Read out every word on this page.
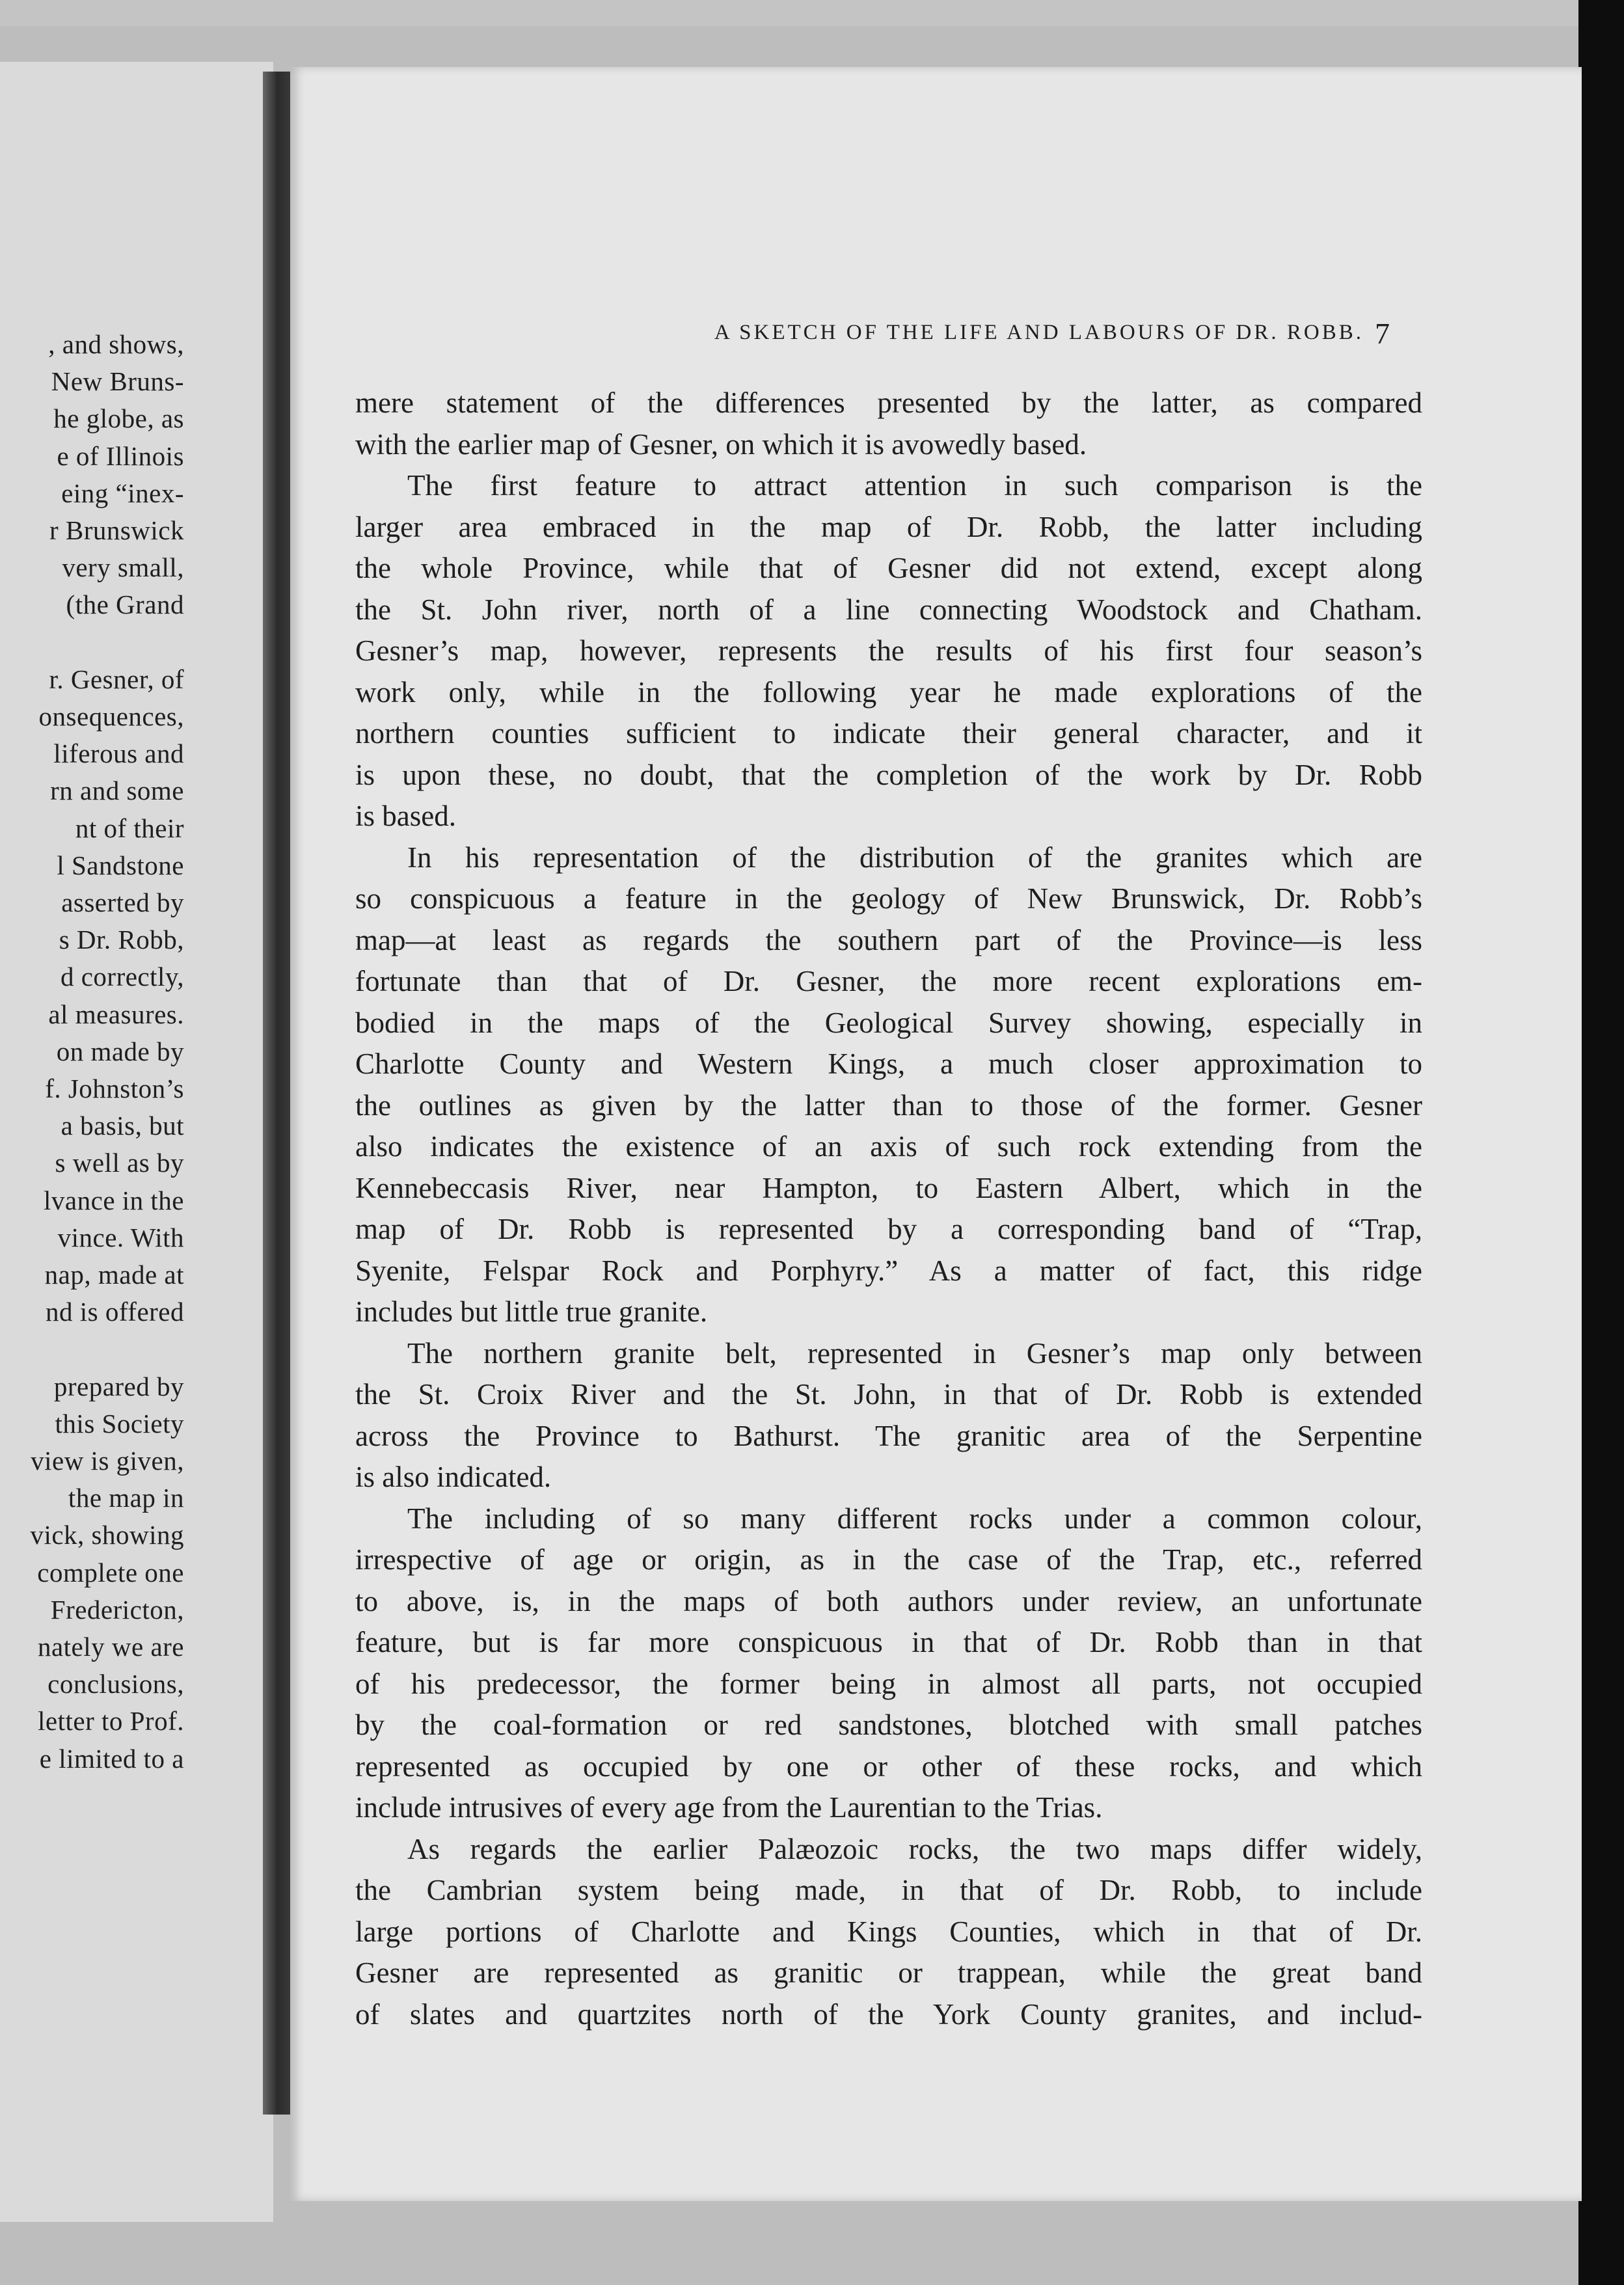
, and shows,
New Bruns-
he globe, as
e of Illinois
eing “inex-
r Brunswick
very small,
(the Grand
r. Gesner, of
onsequences,
liferous and
rn and some
nt of their
l Sandstone
asserted by
s Dr. Robb,
d correctly,
al measures.
on made by
f. Johnston’s
a basis, but
s well as by
lvance in the
vince. With
nap, made at
nd is offered
prepared by
this Society
view is given,
the map in
vick, showing
complete one
Fredericton,
nately we are
conclusions,
letter to Prof.
e limited to a
A SKETCH OF THE LIFE AND LABOURS OF DR. ROBB. 7
mere statement of the differences presented by the latter, as compared
with the earlier map of Gesner, on which it is avowedly based.
The first feature to attract attention in such comparison is the
larger area embraced in the map of Dr. Robb, the latter including
the whole Province, while that of Gesner did not extend, except along
the St. John river, north of a line connecting Woodstock and Chatham.
Gesner’s map, however, represents the results of his first four season’s
work only, while in the following year he made explorations of the
northern counties sufficient to indicate their general character, and it
is upon these, no doubt, that the completion of the work by Dr. Robb
is based.
In his representation of the distribution of the granites which are
so conspicuous a feature in the geology of New Brunswick, Dr. Robb’s
map—at least as regards the southern part of the Province—is less
fortunate than that of Dr. Gesner, the more recent explorations em-
bodied in the maps of the Geological Survey showing, especially in
Charlotte County and Western Kings, a much closer approximation to
the outlines as given by the latter than to those of the former. Gesner
also indicates the existence of an axis of such rock extending from the
Kennebeccasis River, near Hampton, to Eastern Albert, which in the
map of Dr. Robb is represented by a corresponding band of “Trap,
Syenite, Felspar Rock and Porphyry.” As a matter of fact, this ridge
includes but little true granite.
The northern granite belt, represented in Gesner’s map only between
the St. Croix River and the St. John, in that of Dr. Robb is extended
across the Province to Bathurst. The granitic area of the Serpentine
is also indicated.
The including of so many different rocks under a common colour,
irrespective of age or origin, as in the case of the Trap, etc., referred
to above, is, in the maps of both authors under review, an unfortunate
feature, but is far more conspicuous in that of Dr. Robb than in that
of his predecessor, the former being in almost all parts, not occupied
by the coal-formation or red sandstones, blotched with small patches
represented as occupied by one or other of these rocks, and which
include intrusives of every age from the Laurentian to the Trias.
As regards the earlier Palæozoic rocks, the two maps differ widely,
the Cambrian system being made, in that of Dr. Robb, to include
large portions of Charlotte and Kings Counties, which in that of Dr.
Gesner are represented as granitic or trappean, while the great band
of slates and quartzites north of the York County granites, and includ-
